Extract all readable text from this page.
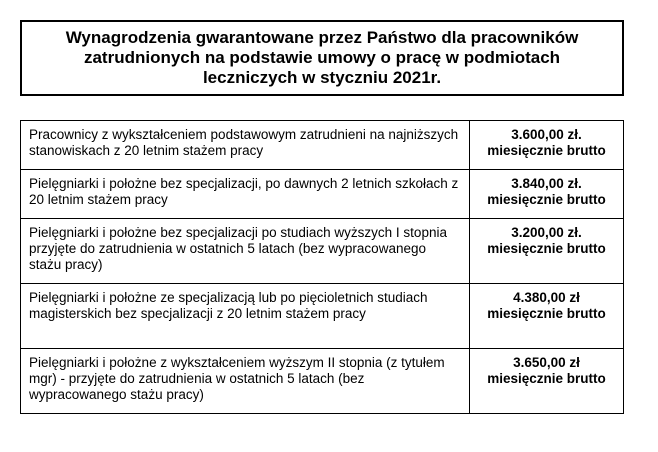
Wynagrodzenia gwarantowane przez Państwo dla pracowników zatrudnionych na podstawie umowy o pracę w podmiotach leczniczych w styczniu 2021r.
Pracownicy z wykształceniem podstawowym zatrudnieni na najniższych stanowiskach z 20 letnim stażem pracy	3.600,00 zł.
miesięcznie brutto

Pielęgniarki i położne bez specjalizacji, po dawnych 2 letnich szkołach z 20 letnim stażem pracy	3.840,00 zł.
miesięcznie brutto

Pielęgniarki i położne bez specjalizacji po studiach wyższych I stopnia przyjęte do zatrudnienia w ostatnich 5 latach (bez wypracowanego stażu pracy)	3.200,00 zł.
miesięcznie brutto

Pielęgniarki i położne ze specjalizacją lub po pięcioletnich studiach magisterskich bez specjalizacji z 20 letnim stażem pracy	4.380,00 zł
miesięcznie brutto

Pielęgniarki i położne z wykształceniem wyższym II stopnia (z tytułem mgr) - przyjęte do zatrudnienia w ostatnich 5 latach (bez wypracowanego stażu pracy)	3.650,00 zł
miesięcznie brutto
